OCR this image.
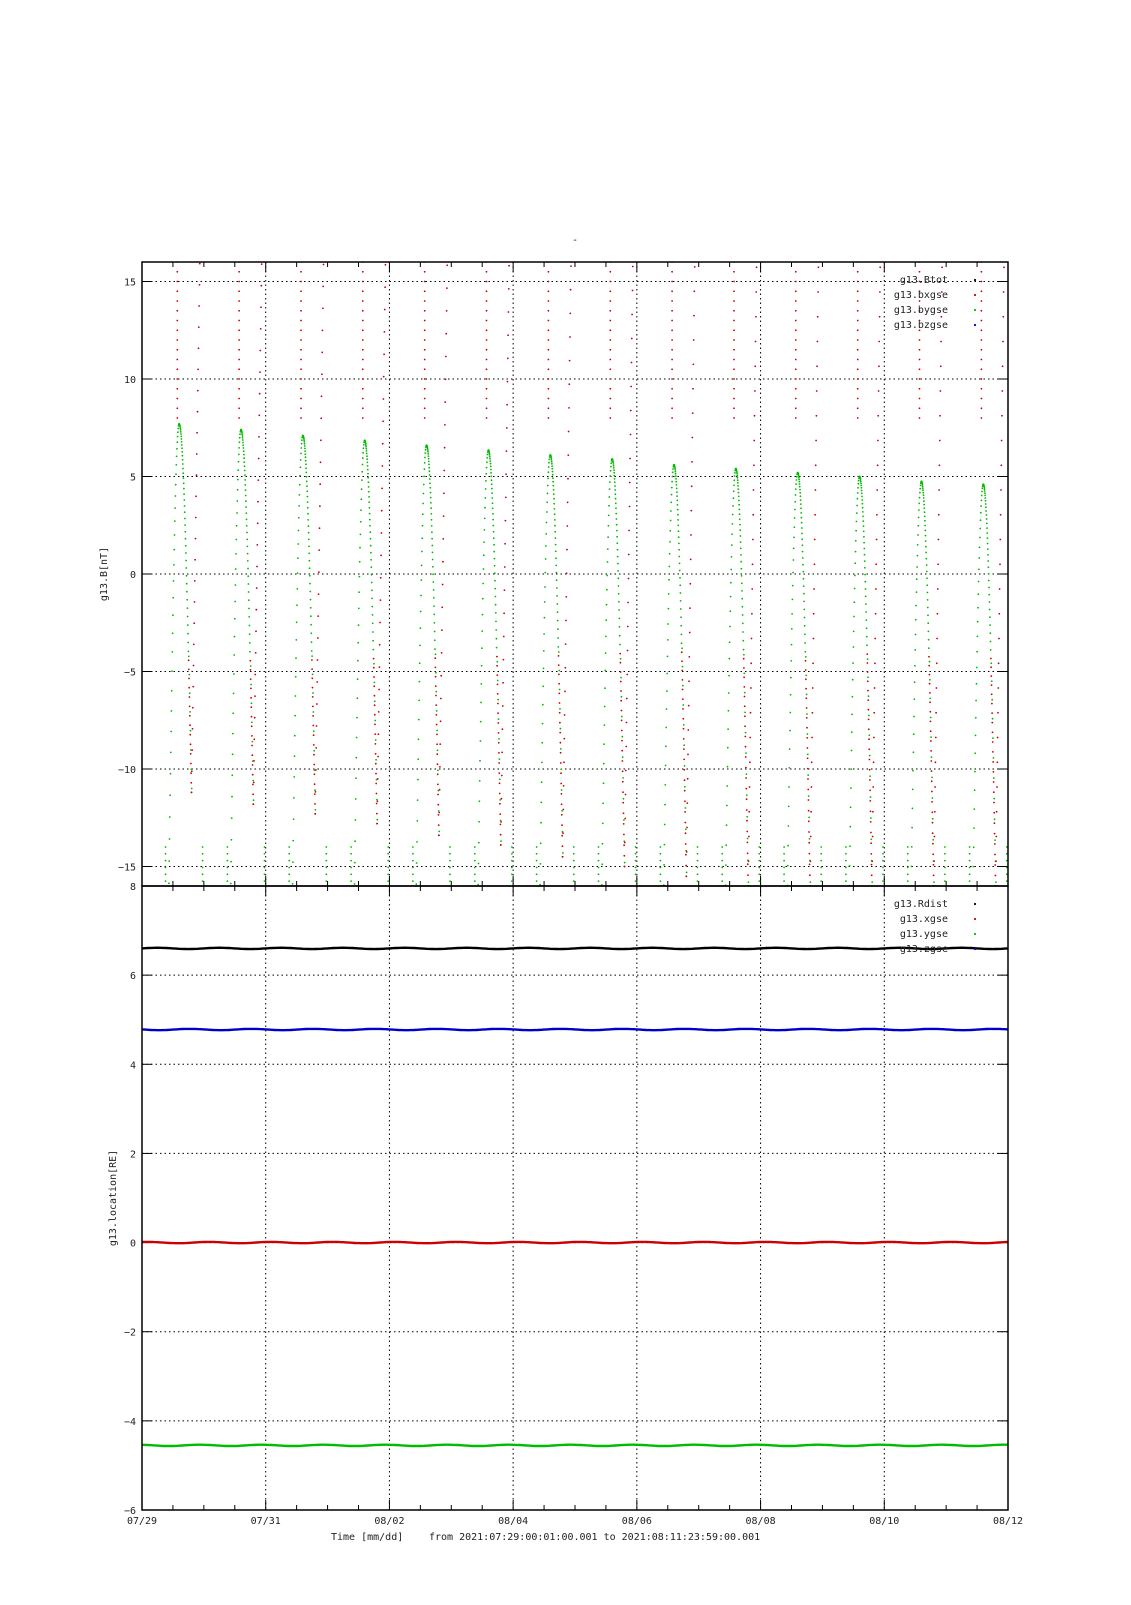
-
15
10
5
0
−5
−10
−15
g13.Btot
g13.bxgse
g13.bygse
g13.bzgse
g13.B[nT]
8
6
4
2
0
−2
−4
−6
g13.Rdist
g13.xgse
g13.ygse
g13.zgse
g13.location[RE]
07/29	07/31	08/02	08/04	08/06	08/08	08/10	08/12
Time [mm/dd]	from 2021:07:29:00:01:00.001 to 2021:08:11:23:59:00.001
